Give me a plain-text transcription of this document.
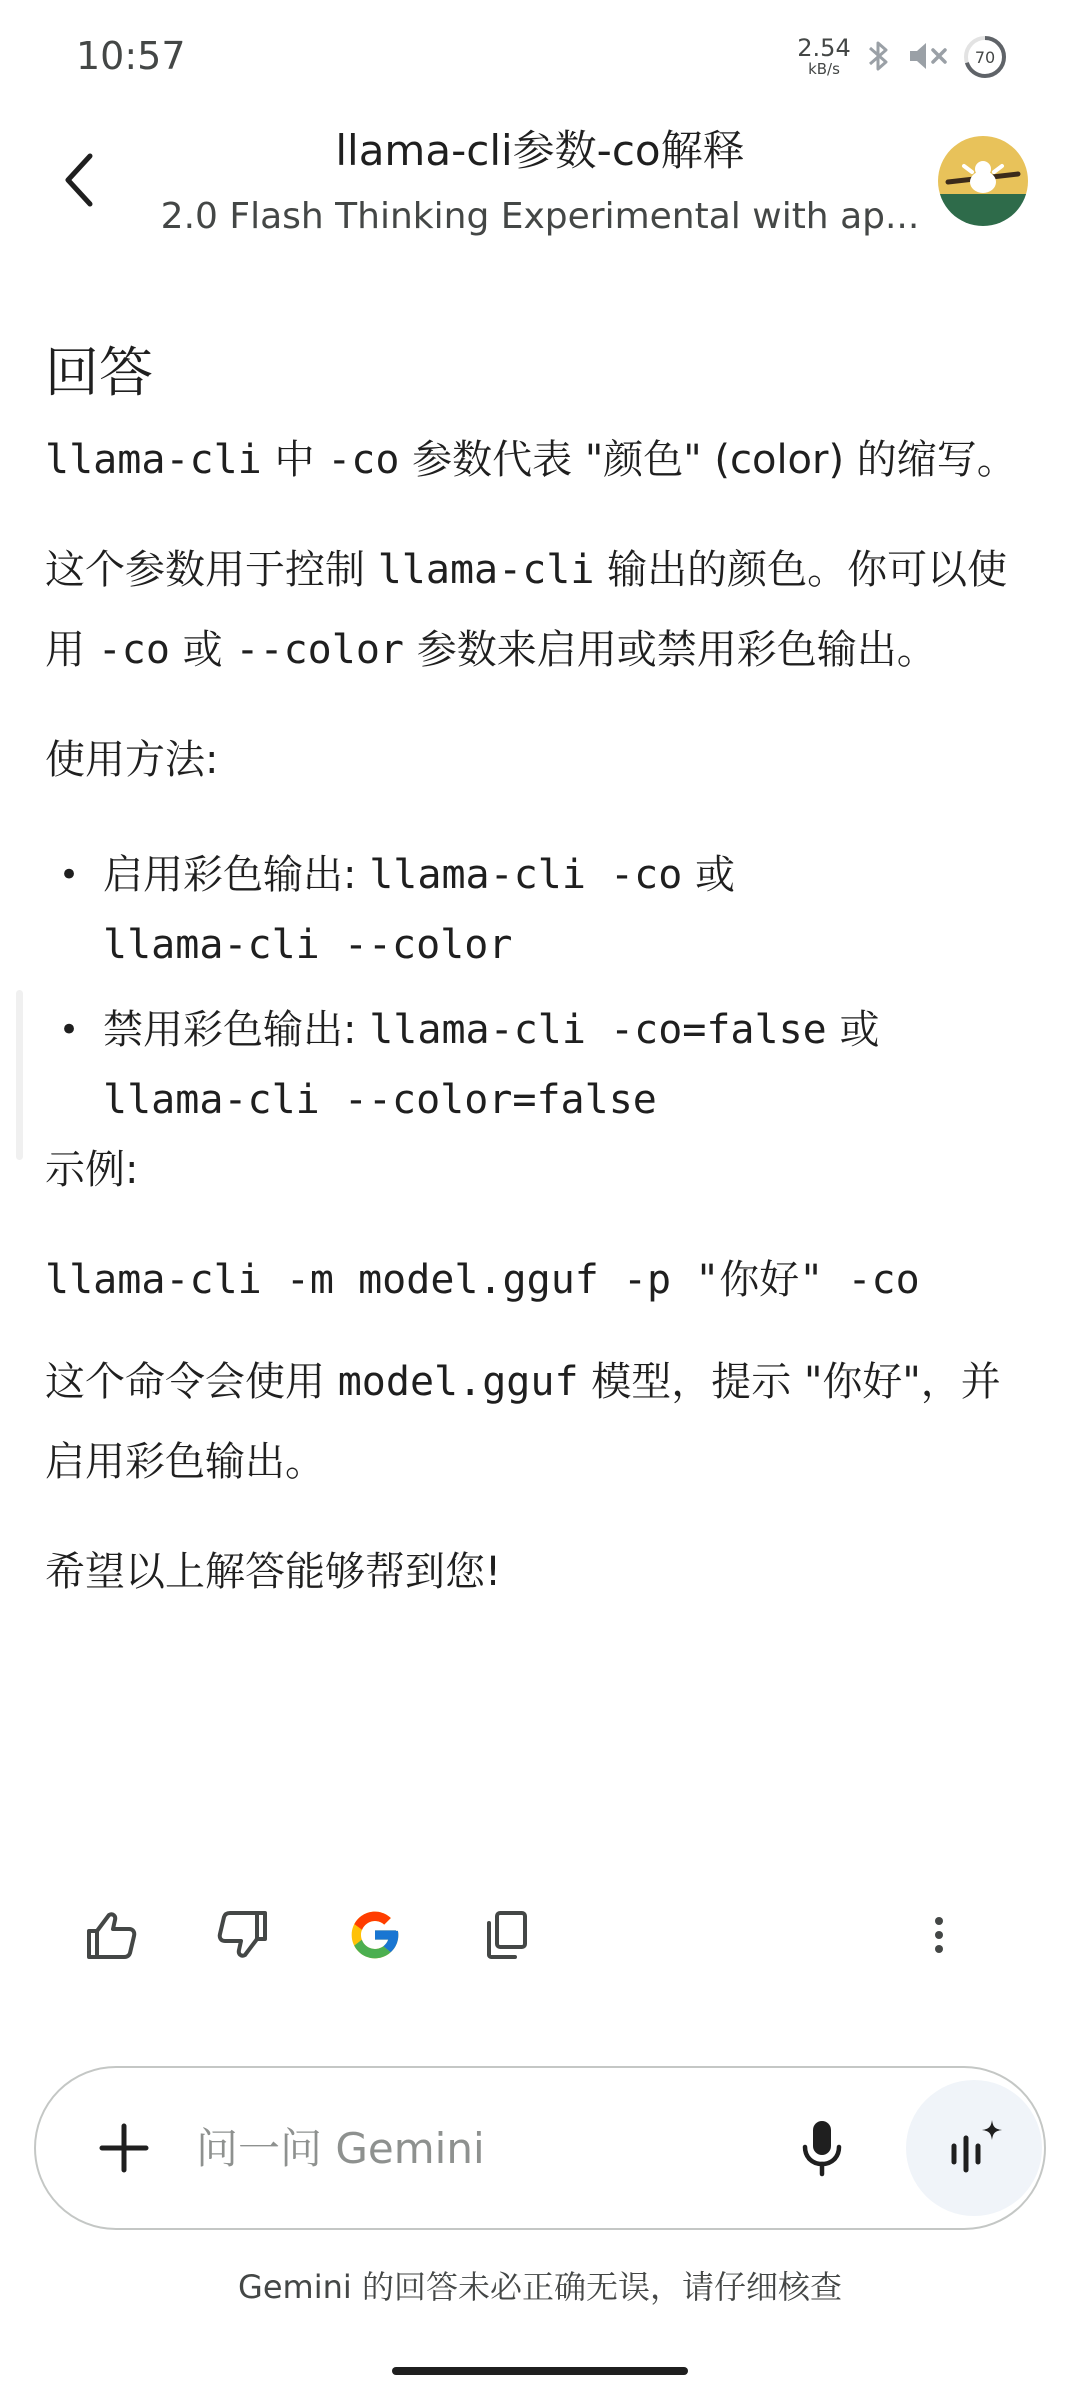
10:57	2.54
kB/s
70
llama-cli参数-co解释
2.0 Flash Thinking Experimental with ap...
回答

llama-cli 中 -co 参数代表 "颜色" (color) 的缩写。

这个参数用于控制 llama-cli 输出的颜色。你可以使用 -co 或 --color 参数来启用或禁用彩色输出。

使用方法:

• 启用彩色输出: llama-cli -co 或
llama-cli --color
• 禁用彩色输出: llama-cli -co=false 或
llama-cli --color=false

示例:

llama-cli -m model.gguf -p "你好" -co

这个命令会使用 model.gguf 模型，提示 "你好"，并启用彩色输出。

希望以上解答能够帮到您!

问一问 Gemini
Gemini 的回答未必正确无误，请仔细核查
